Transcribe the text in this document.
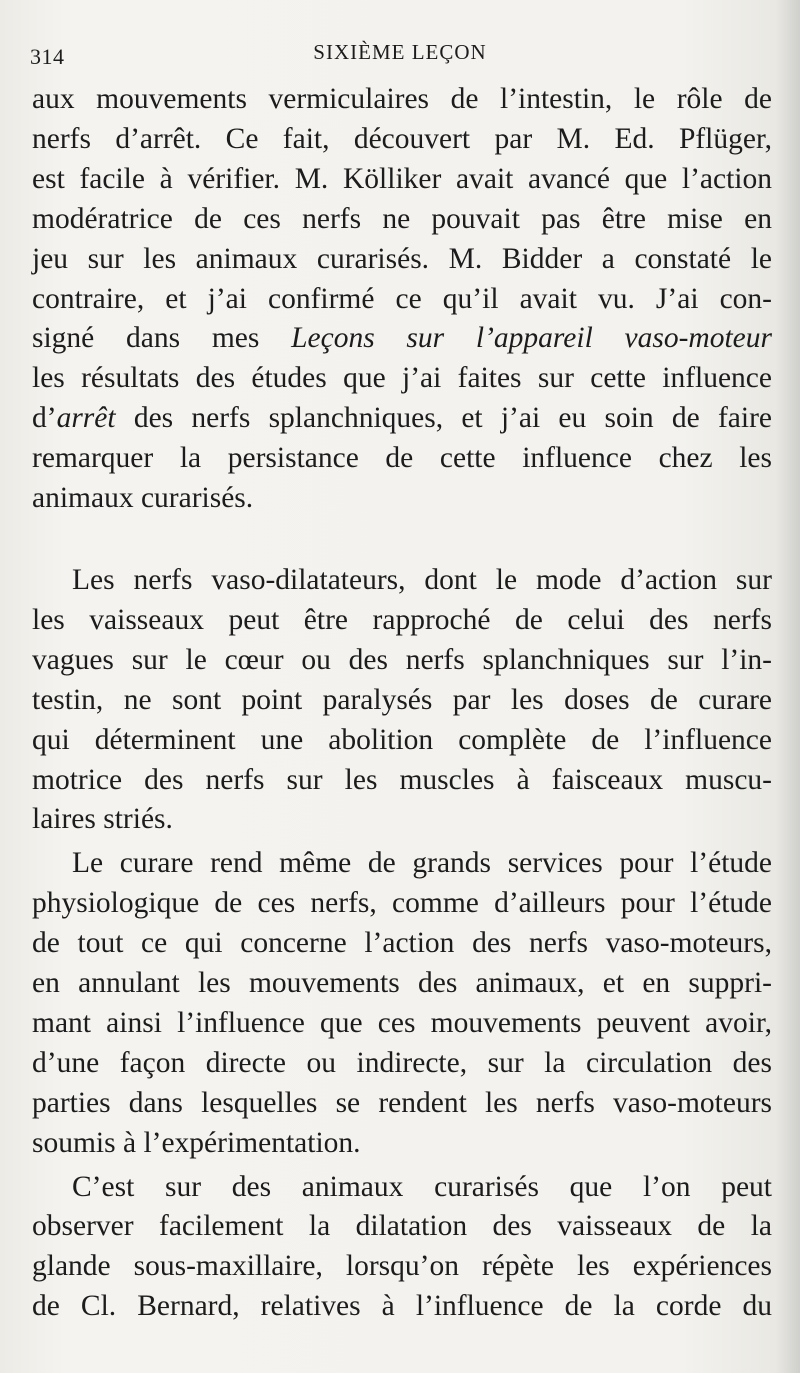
314	SIXIÈME LEÇON
aux mouvements vermiculaires de l’intestin, le rôle de
nerfs d’arrêt. Ce fait, découvert par M. Ed. Pflüger,
est facile à vérifier. M. Kölliker avait avancé que l’action
modératrice de ces nerfs ne pouvait pas être mise en
jeu sur les animaux curarisés. M. Bidder a constaté le
contraire, et j’ai confirmé ce qu’il avait vu. J’ai con-
signé dans mes Leçons sur l’appareil vaso-moteur
les résultats des études que j’ai faites sur cette influence
d’arrêt des nerfs splanchniques, et j’ai eu soin de faire
remarquer la persistance de cette influence chez les
animaux curarisés.
Les nerfs vaso-dilatateurs, dont le mode d’action sur
les vaisseaux peut être rapproché de celui des nerfs
vagues sur le cœur ou des nerfs splanchniques sur l’in-
testin, ne sont point paralysés par les doses de curare
qui déterminent une abolition complète de l’influence
motrice des nerfs sur les muscles à faisceaux muscu-
laires striés.
Le curare rend même de grands services pour l’étude
physiologique de ces nerfs, comme d’ailleurs pour l’étude
de tout ce qui concerne l’action des nerfs vaso-moteurs,
en annulant les mouvements des animaux, et en suppri-
mant ainsi l’influence que ces mouvements peuvent avoir,
d’une façon directe ou indirecte, sur la circulation des
parties dans lesquelles se rendent les nerfs vaso-moteurs
soumis à l’expérimentation.
C’est sur des animaux curarisés que l’on peut
observer facilement la dilatation des vaisseaux de la
glande sous-maxillaire, lorsqu’on répète les expériences
de Cl. Bernard, relatives à l’influence de la corde du
